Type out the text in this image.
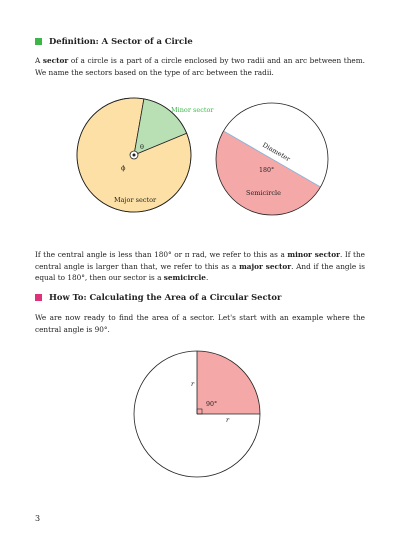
Definition: A Sector of a Circle
A sector of a circle is a part of a circle enclosed by two radii and an arc between them. We name the sectors based on the type of arc between the radii.
Minor sector
θ
ϕ
Major sector
Diameter
180°
Semicircle
If the central angle is less than 180° or π rad, we refer to this as a minor sector. If the central angle is larger than that, we refer to this as a major sector. And if the angle is equal to 180°, then our sector is a semicircle.
How To: Calculating the Area of a Circular Sector
We are now ready to find the area of a sector. Let's start with an example where the central angle is 90°.
r
r
90°
3
